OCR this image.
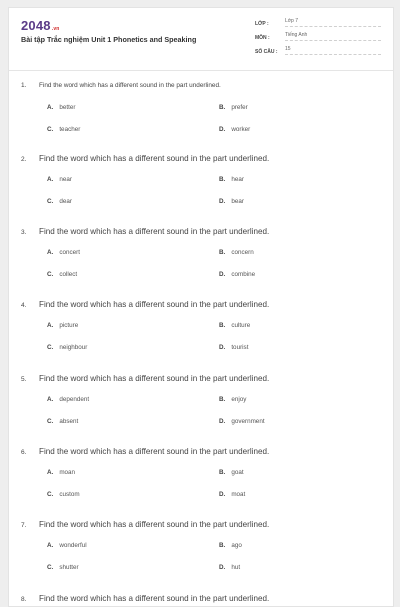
2048.vn
Bài tập Trắc nghiệm Unit 1 Phonetics and Speaking
LỚP :	Lớp 7
MÔN :	Tiếng Anh
SỐ CÂU :	15
1.	Find the word which has a different sound in the part underlined.
A. better	B. prefer
C. teacher	D. worker
2.	Find the word which has a different sound in the part underlined.
A. near	B. hear
C. dear	D. bear
3.	Find the word which has a different sound in the part underlined.
A. concert	B. concern
C. collect	D. combine
4.	Find the word which has a different sound in the part underlined.
A. picture	B. culture
C. neighbour	D. tourist
5.	Find the word which has a different sound in the part underlined.
A. dependent	B. enjoy
C. absent	D. government
6.	Find the word which has a different sound in the part underlined.
A. moan	B. goat
C. custom	D. moat
7.	Find the word which has a different sound in the part underlined.
A. wonderful	B. ago
C. shutter	D. hut
8.	Find the word which has a different sound in the part underlined.
